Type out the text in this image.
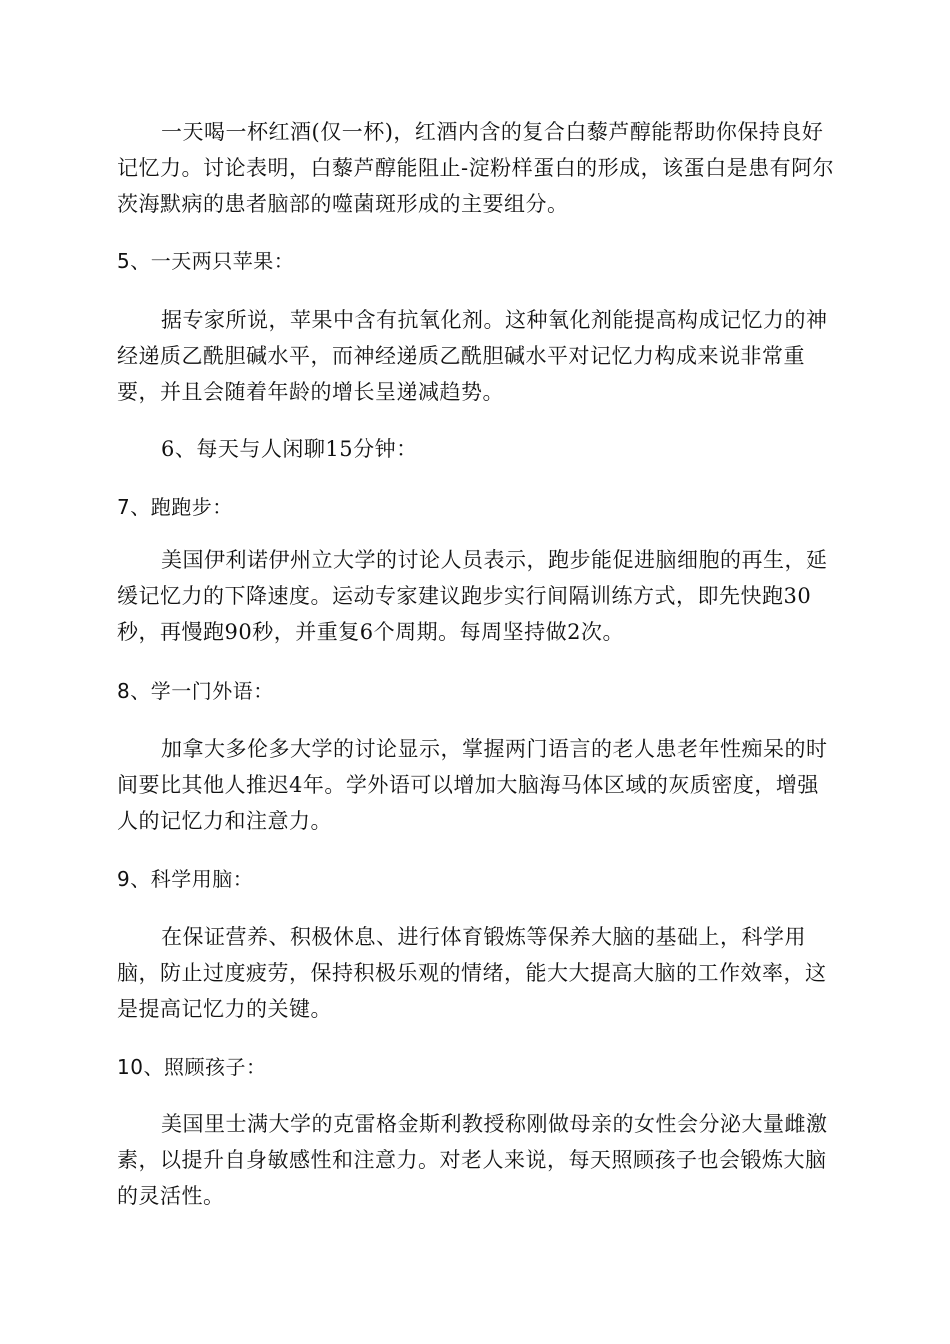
一天喝一杯红酒(仅一杯)，红酒内含的复合白藜芦醇能帮助你保持良好记忆力。讨论表明，白藜芦醇能阻止-淀粉样蛋白的形成，该蛋白是患有阿尔茨海默病的患者脑部的噬菌斑形成的主要组分。

5、一天两只苹果：

据专家所说，苹果中含有抗氧化剂。这种氧化剂能提高构成记忆力的神经递质乙酰胆碱水平，而神经递质乙酰胆碱水平对记忆力构成来说非常重要，并且会随着年龄的增长呈递减趋势。

6、每天与人闲聊15分钟：

7、跑跑步：

美国伊利诺伊州立大学的讨论人员表示，跑步能促进脑细胞的再生，延缓记忆力的下降速度。运动专家建议跑步实行间隔训练方式，即先快跑30秒，再慢跑90秒，并重复6个周期。每周坚持做2次。

8、学一门外语：

加拿大多伦多大学的讨论显示，掌握两门语言的老人患老年性痴呆的时间要比其他人推迟4年。学外语可以增加大脑海马体区域的灰质密度，增强人的记忆力和注意力。

9、科学用脑：

在保证营养、积极休息、进行体育锻炼等保养大脑的基础上，科学用脑，防止过度疲劳，保持积极乐观的情绪，能大大提高大脑的工作效率，这是提高记忆力的关键。

10、照顾孩子：

美国里士满大学的克雷格金斯利教授称刚做母亲的女性会分泌大量雌激素，以提升自身敏感性和注意力。对老人来说，每天照顾孩子也会锻炼大脑的灵活性。
